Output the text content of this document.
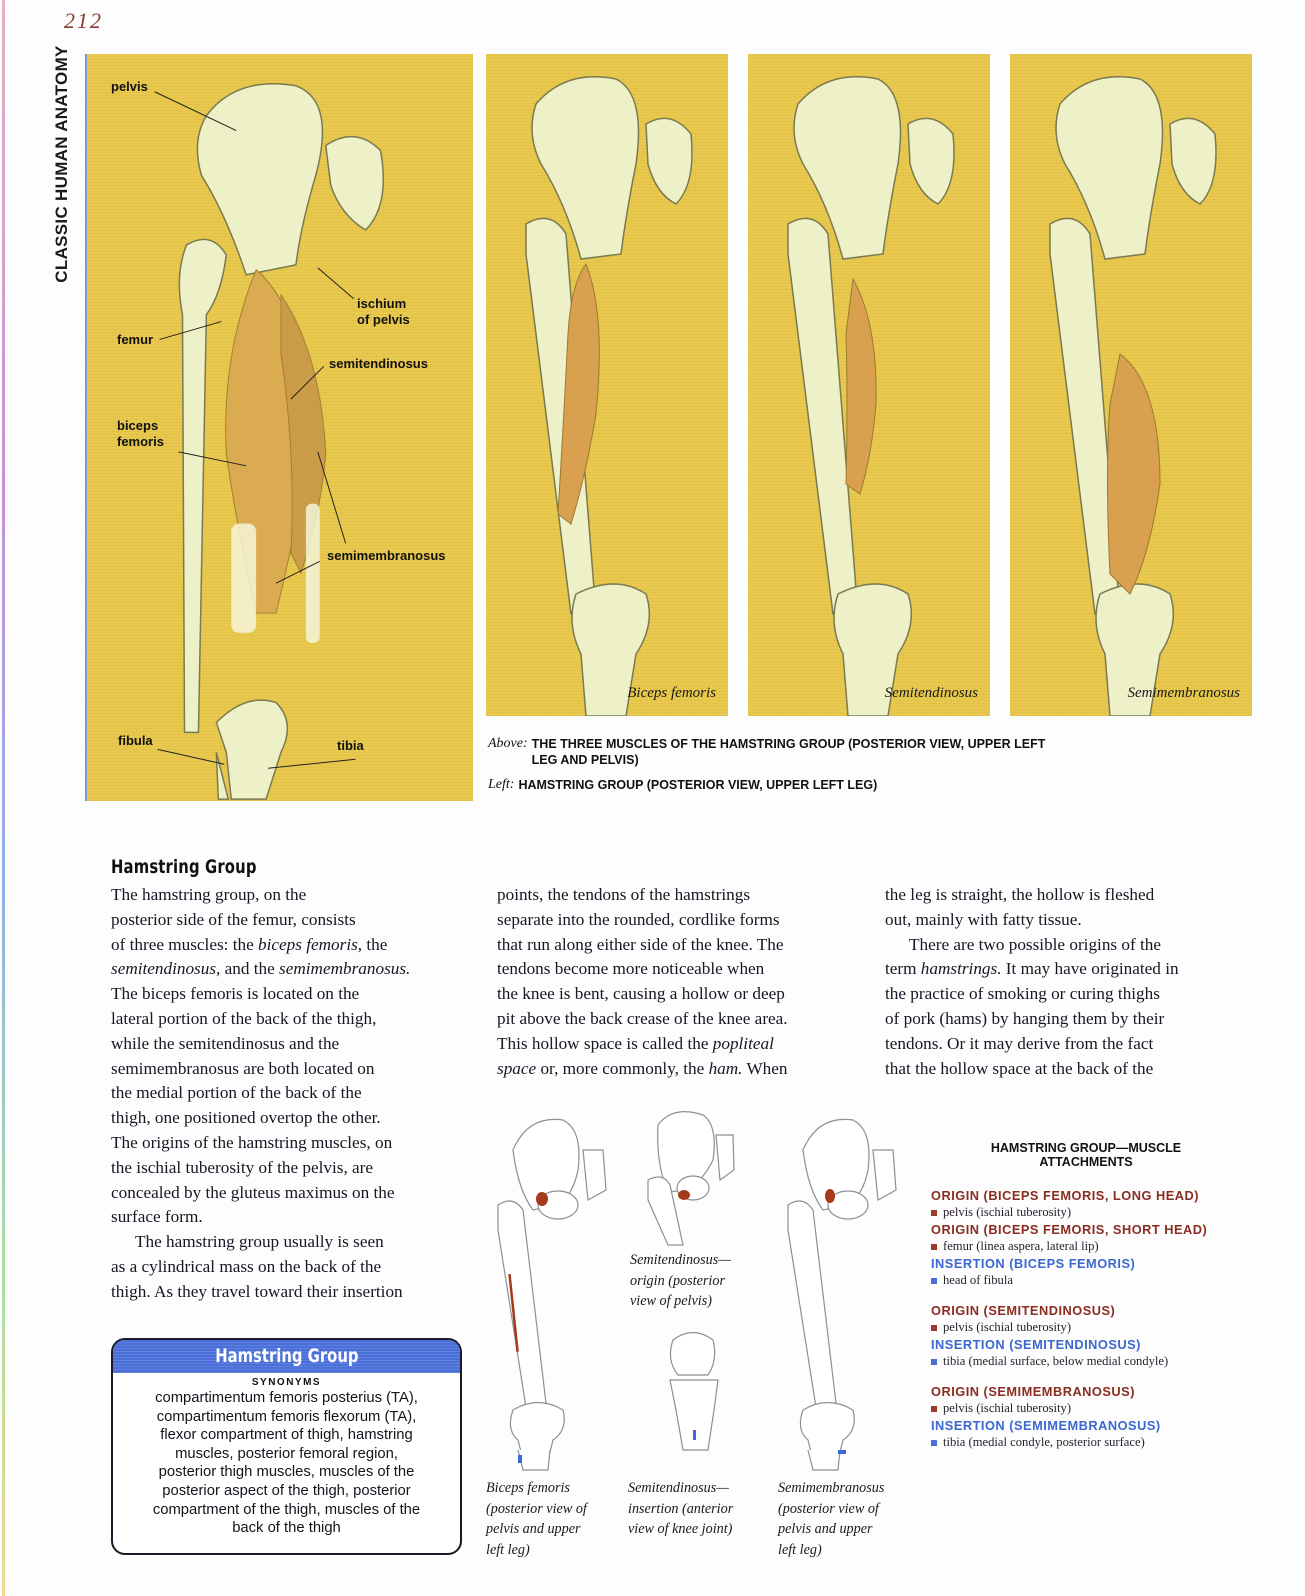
212
CLASSIC HUMAN ANATOMY	pelvis
ischium
of pelvis
femur
semitendinosus
biceps
femoris
semimembranosus
fibula	tibia
Biceps femoris	Semitendinosus	Semimembranosus
Above: THE THREE MUSCLES OF THE HAMSTRING GROUP (POSTERIOR VIEW, UPPER LEFT LEG AND PELVIS)
Left: HAMSTRING GROUP (POSTERIOR VIEW, UPPER LEFT LEG)
Hamstring Group

The hamstring group, on the

posterior side of the femur, consists

of three muscles: the biceps femoris, the

semitendinosus, and the semimembranosus.

The biceps femoris is located on the

lateral portion of the back of the thigh,

while the semitendinosus and the

semimembranosus are both located on

the medial portion of the back of the

thigh, one positioned overtop the other.

The origins of the hamstring muscles, on

the ischial tuberosity of the pelvis, are

concealed by the gluteus maximus on the

surface form.

The hamstring group usually is seen

as a cylindrical mass on the back of the

thigh. As they travel toward their insertion

points, the tendons of the hamstrings

separate into the rounded, cordlike forms

that run along either side of the knee. The

tendons become more noticeable when

the knee is bent, causing a hollow or deep

pit above the back crease of the knee area.

This hollow space is called the popliteal

space or, more commonly, the ham. When

the leg is straight, the hollow is fleshed

out, mainly with fatty tissue.

There are two possible origins of the

term hamstrings. It may have originated in

the practice of smoking or curing thighs

of pork (hams) by hanging them by their

tendons. Or it may derive from the fact

that the hollow space at the back of the

Hamstring Group
SYNONYMS
compartimentum femoris posterius (TA),
compartimentum femoris flexorum (TA),
flexor compartment of thigh, hamstring
muscles, posterior femoral region,
posterior thigh muscles, muscles of the
posterior aspect of the thigh, posterior
compartment of the thigh, muscles of the
back of the thigh
Semitendinosus—
origin (posterior
view of pelvis)
Biceps femoris
(posterior view of
pelvis and upper
left leg)
Semitendinosus—
insertion (anterior
view of knee joint)
Semimembranosus
(posterior view of
pelvis and upper
left leg)
HAMSTRING GROUP—MUSCLE
ATTACHMENTS
ORIGIN (BICEPS FEMORIS, LONG HEAD)
pelvis (ischial tuberosity)
ORIGIN (BICEPS FEMORIS, SHORT HEAD)
femur (linea aspera, lateral lip)
INSERTION (BICEPS FEMORIS)
head of fibula
ORIGIN (SEMITENDINOSUS)
pelvis (ischial tuberosity)
INSERTION (SEMITENDINOSUS)
tibia (medial surface, below medial condyle)
ORIGIN (SEMIMEMBRANOSUS)
pelvis (ischial tuberosity)
INSERTION (SEMIMEMBRANOSUS)
tibia (medial condyle, posterior surface)
